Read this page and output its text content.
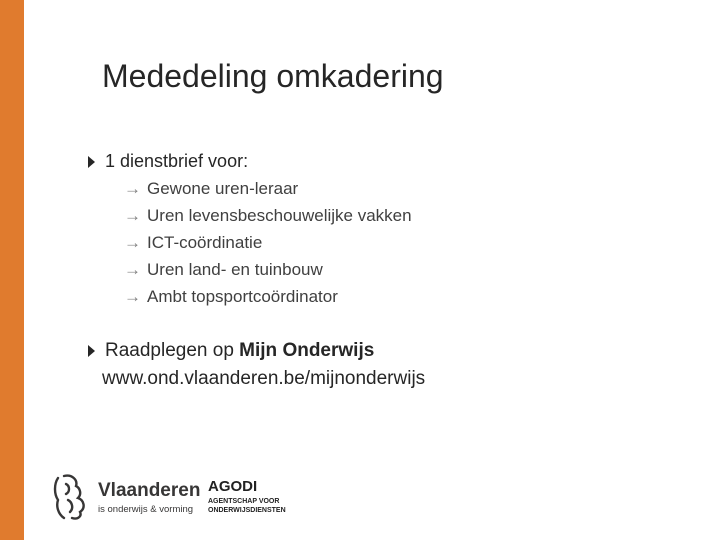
Mededeling omkadering
1 dienstbrief voor:
→ Gewone uren-leraar
→ Uren levensbeschouwelijke vakken
→ ICT-coördinatie
→ Uren land- en tuinbouw
→ Ambt topsportcoördinator
Raadplegen op Mijn Onderwijs
www.ond.vlaanderen.be/mijnonderwijs
Vlaanderen
is onderwijs & vorming
AGODI
AGENTSCHAP VOOR ONDERWIJSDIENSTEN
